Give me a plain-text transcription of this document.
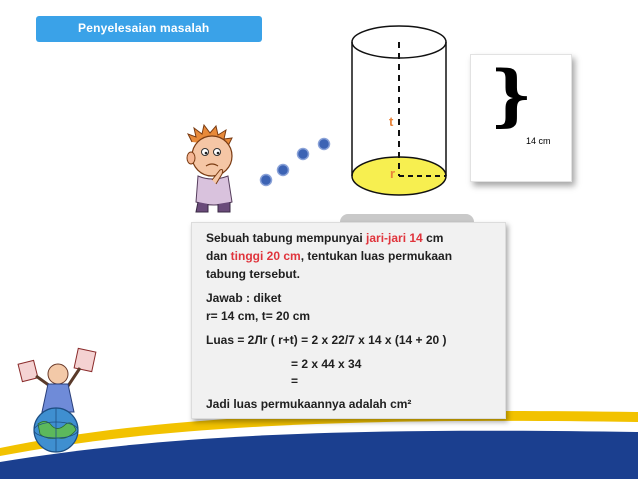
Penyelesaian masalah
t
r
}
14 cm

Sebuah tabung mempunyai jari-jari 14 cm

dan tinggi 20 cm, tentukan luas permukaan

tabung tersebut.

Jawab : diket

r= 14 cm, t= 20 cm

Luas = 2Лr ( r+t) = 2 x 22/7 x 14 x (14 + 20 )

= 2 x 44 x 34

=

Jadi luas permukaannya adalah cm²
